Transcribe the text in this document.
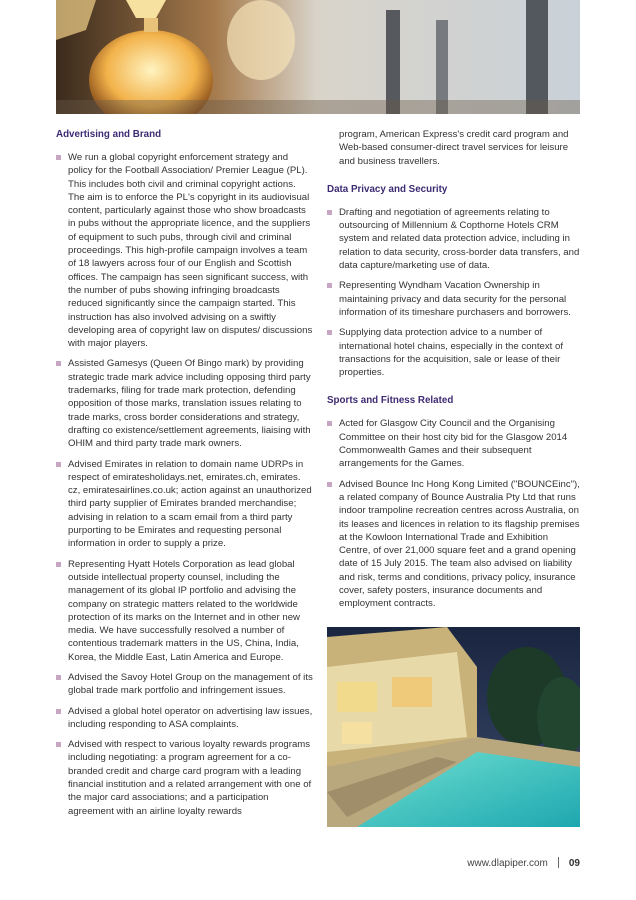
Advertising and Brand
We run a global copyright enforcement strategy and policy for the Football Association/ Premier League (PL). This includes both civil and criminal copyright actions. The aim is to enforce the PL's copyright in its audiovisual content, particularly against those who show broadcasts in pubs without the appropriate licence, and the suppliers of equipment to such pubs, through civil and criminal proceedings. This high-profile campaign involves a team of 18 lawyers across four of our English and Scottish offices. The campaign has seen significant success, with the number of pubs showing infringing broadcasts reduced significantly since the campaign started. This instruction has also involved advising on a swiftly developing area of copyright law on disputes/ discussions with major players.
Assisted Gamesys (Queen Of Bingo mark) by providing strategic trade mark advice including opposing third party trademarks, filing for trade mark protection, defending opposition of those marks, translation issues relating to trade marks, cross border considerations and strategy, drafting co existence/settlement agreements, liaising with OHIM and third party trade mark owners.
Advised Emirates in relation to domain name UDRPs in respect of emiratesholidays.net, emirates.ch, emirates. cz, emiratesairlines.co.uk; action against an unauthorized third party supplier of Emirates branded merchandise; advising in relation to a scam email from a third party purporting to be Emirates and requesting personal information in order to supply a prize.
Representing Hyatt Hotels Corporation as lead global outside intellectual property counsel, including the management of its global IP portfolio and advising the company on strategic matters related to the worldwide protection of its marks on the Internet and in other new media. We have successfully resolved a number of contentious trademark matters in the US, China, India, Korea, the Middle East, Latin America and Europe.
Advised the Savoy Hotel Group on the management of its global trade mark portfolio and infringement issues.
Advised a global hotel operator on advertising law issues, including responding to ASA complaints.
Advised with respect to various loyalty rewards programs including negotiating: a program agreement for a co-branded credit and charge card program with a leading financial institution and a related arrangement with one of the major card associations; and a participation agreement with an airline loyalty rewards

program, American Express's credit card program and Web-based consumer-direct travel services for leisure and business travellers.

Data Privacy and Security
Drafting and negotiation of agreements relating to outsourcing of Millennium & Copthorne Hotels CRM system and related data protection advice, including in relation to data security, cross-border data transfers, and data capture/marketing use of data.
Representing Wyndham Vacation Ownership in maintaining privacy and data security for the personal information of its timeshare purchasers and borrowers.
Supplying data protection advice to a number of international hotel chains, especially in the context of transactions for the acquisition, sale or lease of their properties.
Sports and Fitness Related
Acted for Glasgow City Council and the Organising Committee on their host city bid for the Glasgow 2014 Commonwealth Games and their subsequent arrangements for the Games.
Advised Bounce Inc Hong Kong Limited ("BOUNCEinc"), a related company of Bounce Australia Pty Ltd that runs indoor trampoline recreation centres across Australia, on its leases and licences in relation to its flagship premises at the Kowloon International Trade and Exhibition Centre, of over 21,000 square feet and a grand opening date of 15 July 2015. The team also advised on liability and risk, terms and conditions, privacy policy, insurance cover, safety posters, insurance documents and employment contracts.
www.dlapiper.com 09
